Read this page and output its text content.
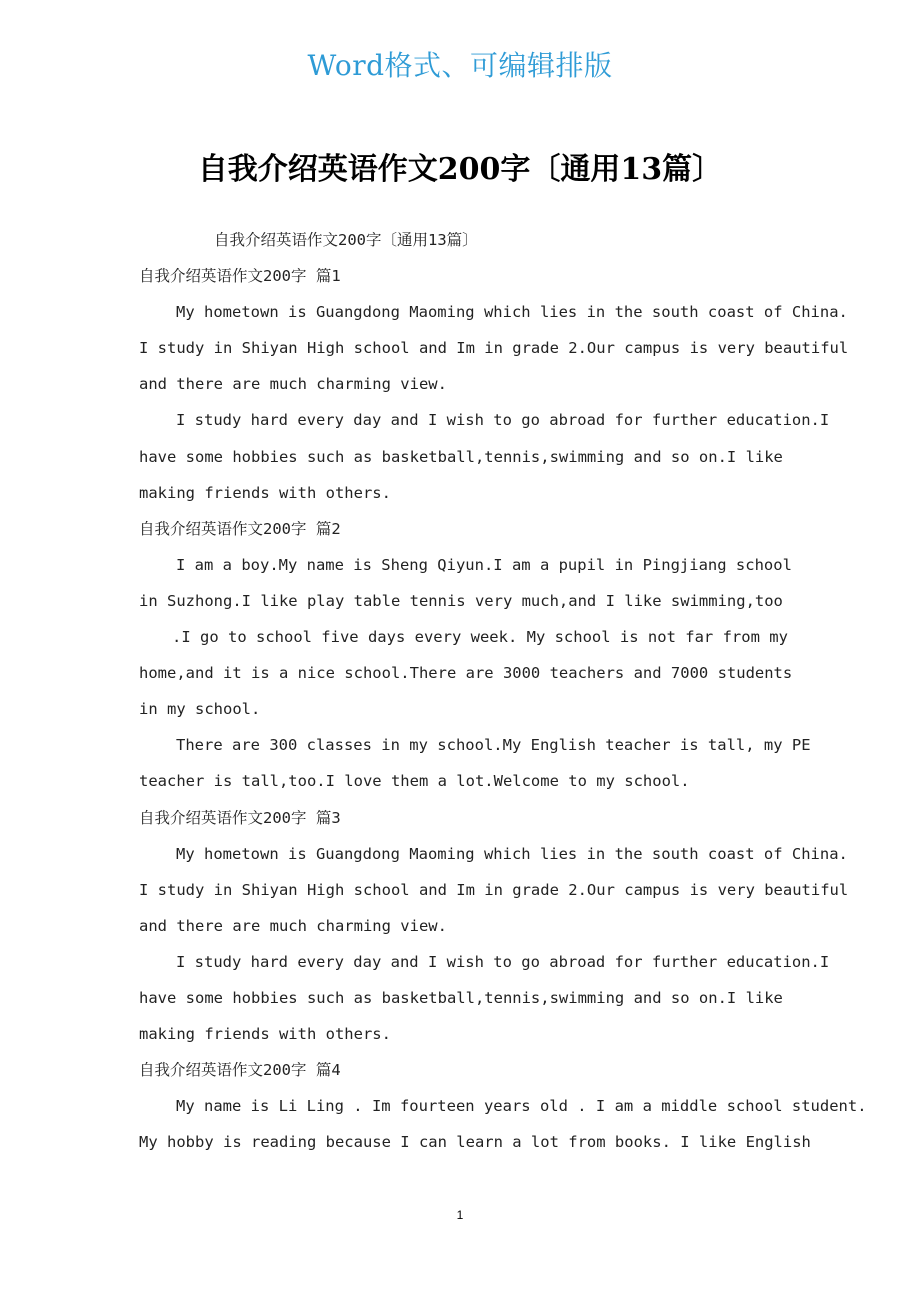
Word格式、可编辑排版
自我介绍英语作文200字〔通用13篇〕
自我介绍英语作文200字〔通用13篇〕
自我介绍英语作文200字 篇1
My hometown is Guangdong Maoming which lies in the south coast of China.
I study in Shiyan High school and Im in grade 2.Our campus is very beautiful
and there are much charming view.
I study hard every day and I wish to go abroad for further education.I
have some hobbies such as basketball,tennis,swimming and so on.I like
making friends with others.
自我介绍英语作文200字 篇2
I am a boy.My name is Sheng Qiyun.I am a pupil in Pingjiang school
in Suzhong.I like play table tennis very much,and I like swimming,too
.I go to school five days every week. My school is not far from my
home,and it is a nice school.There are 3000 teachers and 7000 students
in my school.
There are 300 classes in my school.My English teacher is tall, my PE
teacher is tall,too.I love them a lot.Welcome to my school.
自我介绍英语作文200字 篇3
My hometown is Guangdong Maoming which lies in the south coast of China.
I study in Shiyan High school and Im in grade 2.Our campus is very beautiful
and there are much charming view.
I study hard every day and I wish to go abroad for further education.I
have some hobbies such as basketball,tennis,swimming and so on.I like
making friends with others.
自我介绍英语作文200字 篇4
My name is Li Ling . Im fourteen years old . I am a middle school student.
My hobby is reading because I can learn a lot from books. I like English
1
